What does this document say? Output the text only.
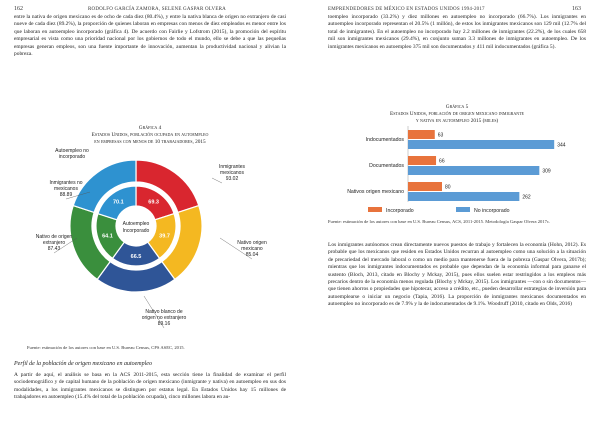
162	RODOLFO GARCÍA ZAMORA, SELENE GASPAR OLVERA

entre la nativa de origen mexicano es de ocho de cada diez (80.4%), y entre la nativa blanca de origen no extranjero de casi nueve de cada diez (89.2%), la proporción de quienes laboran en empresas con menos de diez empleados es menor entre los que laboran en autoempleo incorporado (gráfica 4). De acuerdo con Fairlie y Lofstrom (2015), la promoción del espíritu empresarial es vista como una prioridad nacional por los gobiernos de todo el mundo, ello se debe a que las pequeñas empresas generan empleos, son una fuente importante de innovación, aumentan la productividad nacional y alivian la pobreza.

Gráfica 4
Estados Unidos, población ocupada en autoempleo
en empresas con menos de 10 trabajadores, 2015
69.3
39.7
66.5
64.1
70.1
Autoempleo
Incorporado
Inmigrantes
mexicanos
93.02
Nativo origen
mexicano
85.04
Nativo blanco de
origen no extranjero
89.16
Nativo de origen
extranjero
87.43
Inmigrantes no
mexicanos
88.89
Autoempleo no
incorporado

Fuente: estimación de los autores con base en U.S. Bureau Census, CPS ASEC, 2015.

Perfil de la población de origen mexicano en autoempleo

A partir de aquí, el análisis se basa en la ACS 2011-2015, esta sección tiene la finalidad de examinar el perfil sociodemográfico y de capital humano de la población de origen mexicano (inmigrante y nativa) en autoempleo en sus dos modalidades, a los inmigrantes mexicanos se distinguen por estatus legal. En Estados Unidos hay 15 millones de trabajadores en autoempleo (15.4% del total de la población ocupada), cinco millones labora en au-

EMPRENDEDORES DE MÉXICO EN ESTADOS UNIDOS 1994-2017	163

toempleo incorporado (33.2%) y diez millones en autoempleo no incorporado (66.7%). Los inmigrantes en autoempleo incorporado representan el 20.5% (1 millón), de estos los inmigrantes mexicanos son 129 mil (12.7% del total de inmigrantes). En el autoempleo no incorporado hay 2.2 millones de inmigrantes (22.2%), de los cuales 658 mil son inmigrantes mexicanos (29.4%), en conjunto suman 3.3 millones de inmigrantes en autoempleo. De los inmigrantes mexicanos en autoempleo 375 mil son documentados y 411 mil indocumentados (gráfica 5).

Gráfica 5
Estados Unidos, población de origen mexicano inmigrante
y nativa en autoempleo 2015 (miles)
Indocumentados
63
344
Documentados
66
309
Nativos origen mexicano
80
262
Incorporado	No incorporado

Fuente: estimación de los autores con base en U.S. Bureau Census, ACS, 2011-2015. Metodología Gaspar Olvera 2017c.

Los inmigrantes autónomos crean directamente nuevos puestos de trabajo y fortalecen la economía (Hohn, 2012). Es probable que los mexicanos que residen en Estados Unidos recurran al autoempleo como una solución a la situación de precariedad del mercado laboral o como un medio para mantenerse fuera de la pobreza (Gaspar Olvera, 2017b); mientras que los inmigrantes indocumentados es probable que dependan de la economía informal para ganarse el sustento (Bloch, 2013, citado en Blochy y Mckay, 2015), pues ellos suelen estar restringidos a los empleos más precarios dentro de la economía menos regulada (Blochy y Mckay, 2015). Los inmigrantes —con o sin documentos— que tienen ahorros o propiedades que hipotecar, acceso a crédito, etc., pueden desarrollar estrategias de inversión para autoemplearse o iniciar un negocio (Tapia, 2016). La proporción de inmigrantes mexicanos documentados en autoempleo no incorporado es de 7.9% y la de indocumentados de 9.1%. Woodruff (2010, citado en Olds, 2016)
